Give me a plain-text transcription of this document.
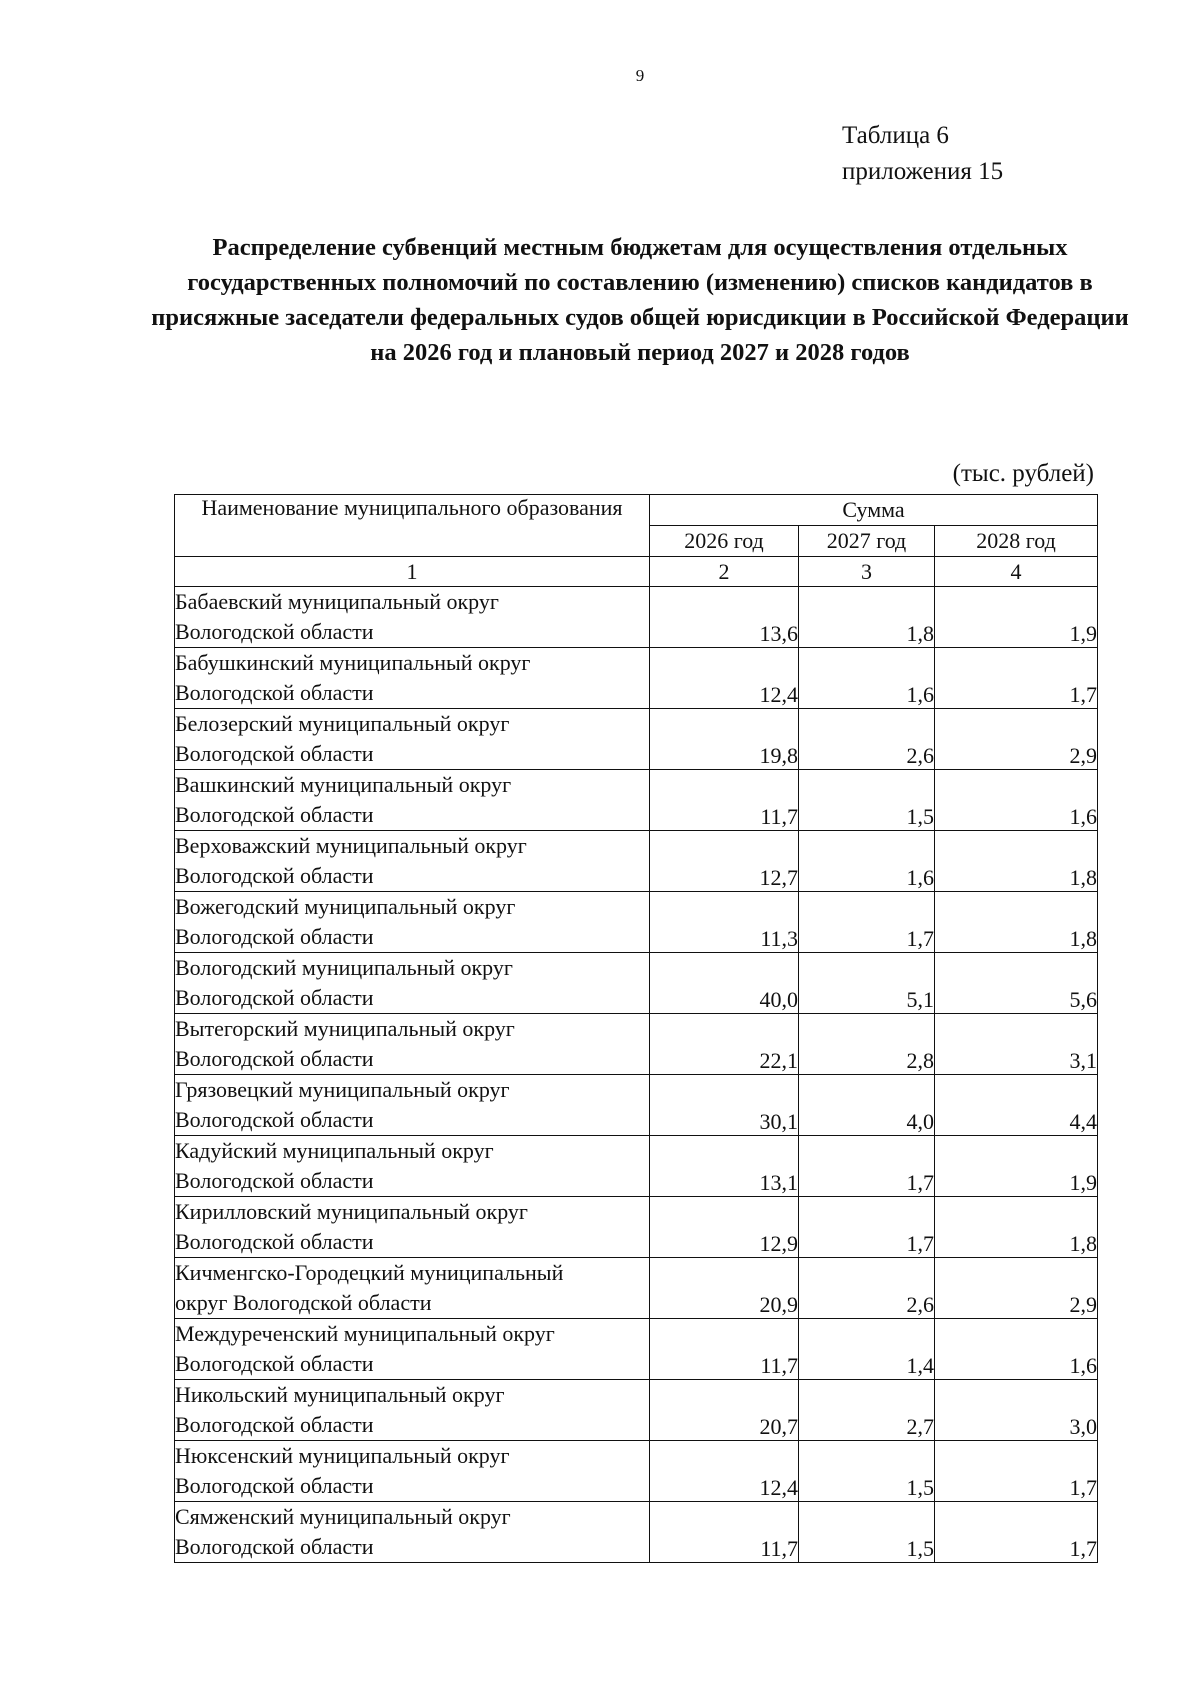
9
Таблица 6
приложения 15
Распределение субвенций местным бюджетам для осуществления отдельных государственных полномочий по составлению (изменению) списков кандидатов в присяжные заседатели федеральных судов общей юрисдикции в Российской Федерации на 2026 год и плановый период 2027 и 2028 годов
(тыс. рублей)
Наименование муниципального образования	Сумма		
	2026 год	2027 год	2028 год
1	2	3	4

Бабаевский муниципальный округ
Вологодской области	13,6	1,8	1,9

Бабушкинский муниципальный округ
Вологодской области	12,4	1,6	1,7

Белозерский муниципальный округ
Вологодской области	19,8	2,6	2,9

Вашкинский муниципальный округ
Вологодской области	11,7	1,5	1,6

Верховажский муниципальный округ
Вологодской области	12,7	1,6	1,8

Вожегодский муниципальный округ
Вологодской области	11,3	1,7	1,8

Вологодский муниципальный округ
Вологодской области	40,0	5,1	5,6

Вытегорский муниципальный округ
Вологодской области	22,1	2,8	3,1

Грязовецкий муниципальный округ
Вологодской области	30,1	4,0	4,4

Кадуйский муниципальный округ
Вологодской области	13,1	1,7	1,9

Кирилловский муниципальный округ
Вологодской области	12,9	1,7	1,8

Кичменгско-Городецкий муниципальный
округ Вологодской области	20,9	2,6	2,9

Междуреченский муниципальный округ
Вологодской области	11,7	1,4	1,6

Никольский муниципальный округ
Вологодской области	20,7	2,7	3,0

Нюксенский муниципальный округ
Вологодской области	12,4	1,5	1,7

Сямженский муниципальный округ
Вологодской области	11,7	1,5	1,7
